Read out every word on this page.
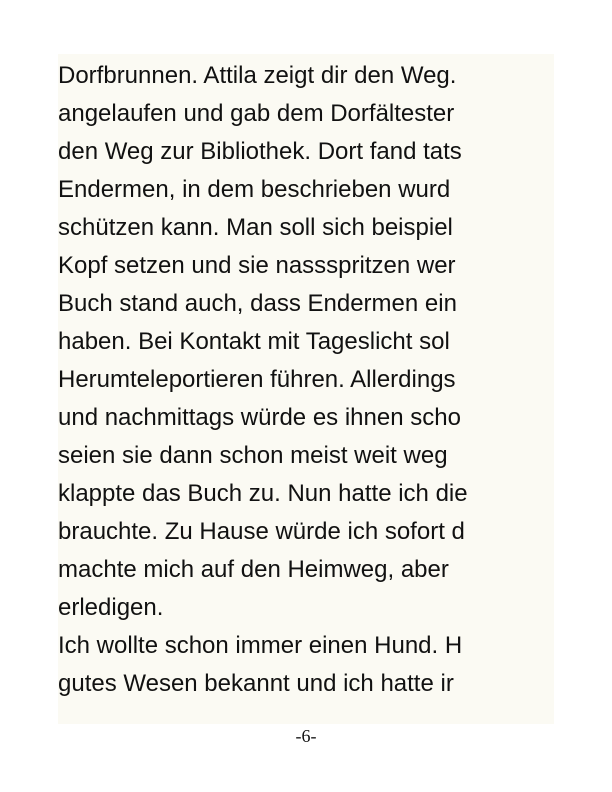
Dorfbrunnen. Attila zeigt dir den Weg.
angelaufen und gab dem Dorfältester
den Weg zur Bibliothek. Dort fand tats
Endermen, in dem beschrieben wurd
schützen kann. Man soll sich beispiel
Kopf setzen und sie nassspritzen wer
Buch stand auch, dass Endermen ein
haben. Bei Kontakt mit Tageslicht sol
Herumteleportieren führen. Allerdings
und nachmittags würde es ihnen scho
seien sie dann schon meist weit weg
klappte das Buch zu. Nun hatte ich die
brauchte. Zu Hause würde ich sofort d
machte mich auf den Heimweg, aber
erledigen.
Ich wollte schon immer einen Hund. H
gutes Wesen bekannt und ich hatte ir
-6-
